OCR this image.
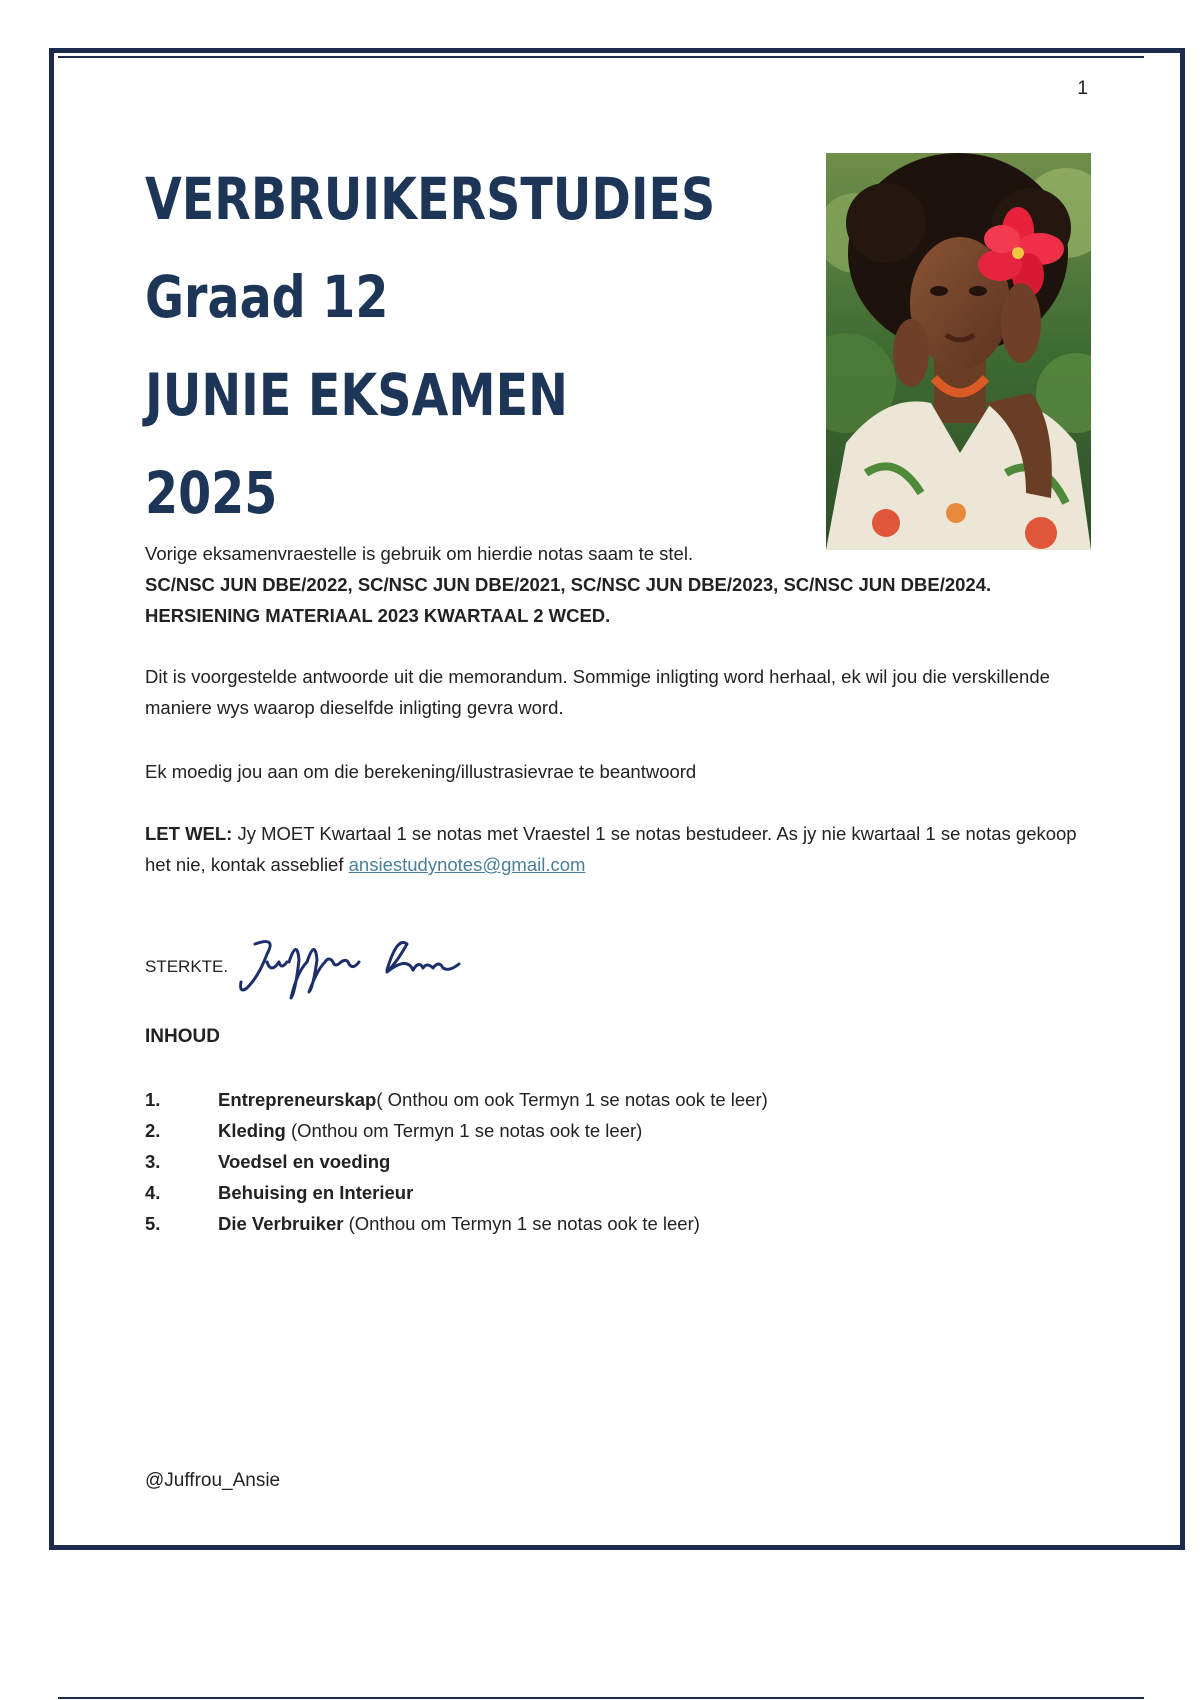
1
VERBRUIKERSTUDIES
Graad 12
JUNIE EKSAMEN
2025
Vorige eksamenvraestelle is gebruik om hierdie notas saam te stel.
SC/NSC JUN DBE/2022, SC/NSC JUN DBE/2021, SC/NSC JUN DBE/2023, SC/NSC JUN DBE/2024. HERSIENING MATERIAAL 2023 KWARTAAL 2 WCED.
Dit is voorgestelde antwoorde uit die memorandum. Sommige inligting word herhaal, ek wil jou die verskillende maniere wys waarop dieselfde inligting gevra word.
Ek moedig jou aan om die berekening/illustrasievrae te beantwoord
LET WEL: Jy MOET Kwartaal 1 se notas met Vraestel 1 se notas bestudeer. As jy nie kwartaal 1 se notas gekoop het nie, kontak asseblief ansiestudynotes@gmail.com
STERKTE.
INHOUD
1.	Entrepreneurskap( Onthou om ook Termyn 1 se notas ook te leer)
2.	Kleding (Onthou om Termyn 1 se notas ook te leer)
3.	Voedsel en voeding
4.	Behuising en Interieur
5.	Die Verbruiker (Onthou om Termyn 1 se notas ook te leer)
@Juffrou_Ansie
